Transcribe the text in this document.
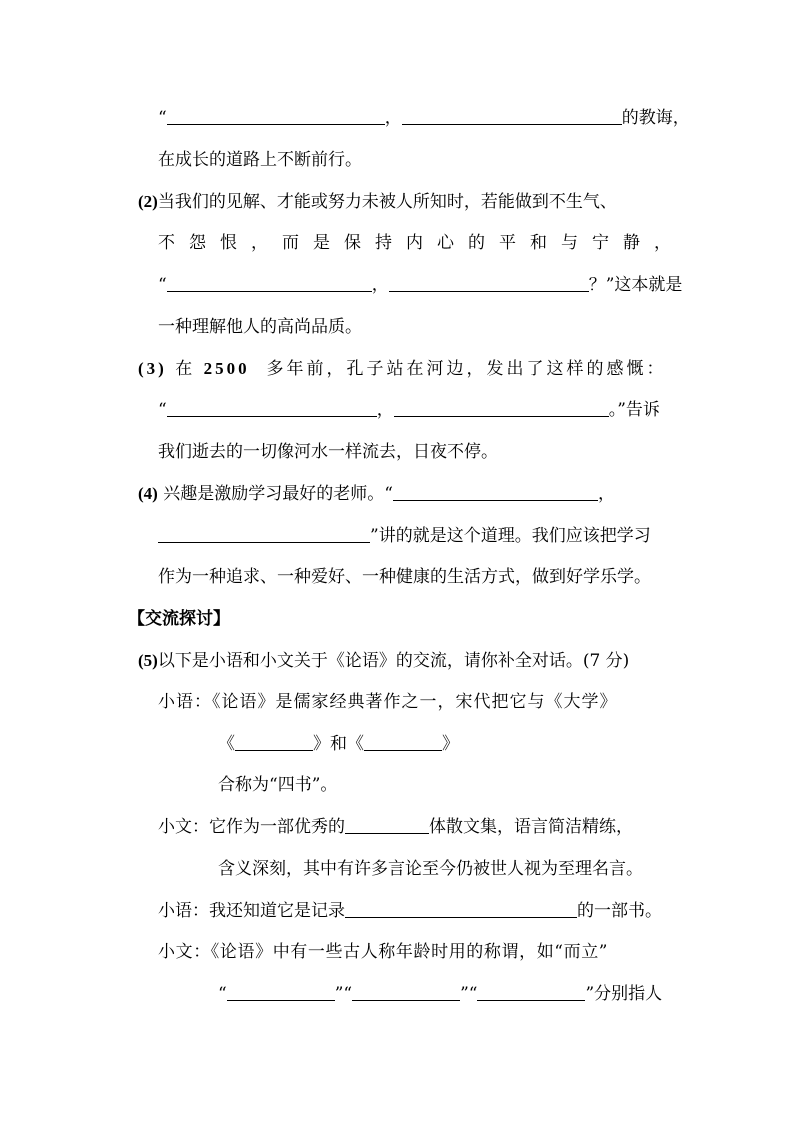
“	，	的教诲，
在成长的道路上不断前行。
(2)当我们的见解、才能或努力未被人所知时，若能做到不生气、
不怨恨，而是保持内心的平和与宁静，
“	，	？”这本就是
一种理解他人的高尚品质。
(3) 在 2500 多年前，孔子站在河边，发出了这样的感慨：
“	，	。”告诉
我们逝去的一切像河水一样流去，日夜不停。
(4) 兴趣是激励学习最好的老师。“	，
”讲的就是这个道理。我们应该把学习
作为一种追求、一种爱好、一种健康的生活方式，做到好学乐学。
【交流探讨】
(5)以下是小语和小文关于《论语》的交流，请你补全对话。(7 分)
小语：《论语》是儒家经典著作之一，宋代把它与《大学》
《	》和《	》
合称为“四书”。
小文：它作为一部优秀的	体散文集，语言简洁精练，
含义深刻，其中有许多言论至今仍被世人视为至理名言。
小语：我还知道它是记录	的一部书。
小文：《论语》中有一些古人称年龄时用的称谓，如“而立”
“	”“	”“	”分别指人
